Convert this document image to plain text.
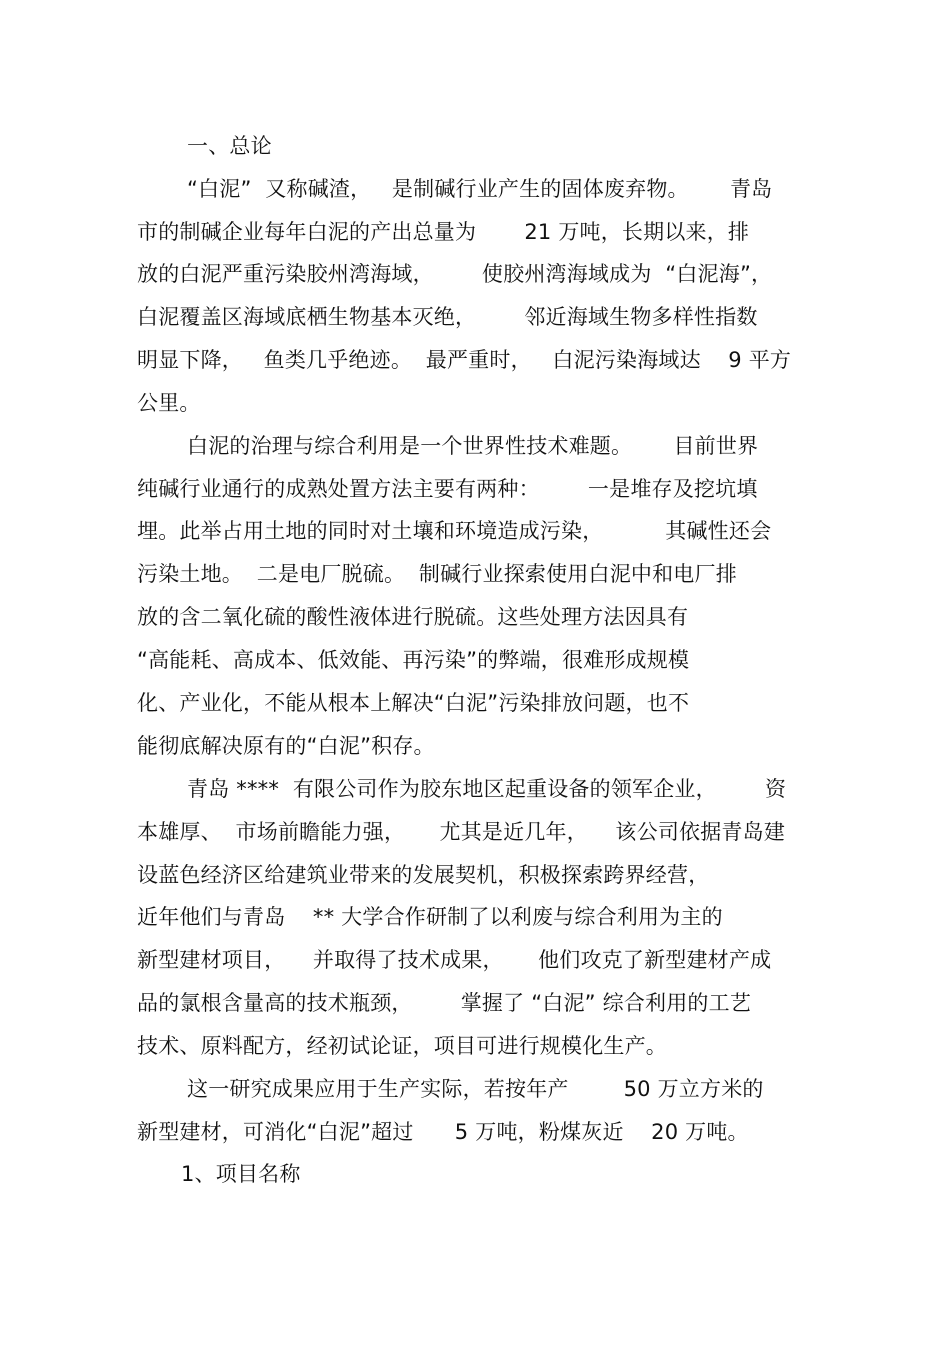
一、总论
“白泥”  又称碱渣，   是制碱行业产生的固体废弃物。      青岛
市的制碱企业每年白泥的产出总量为       21 万吨，长期以来，排
放的白泥严重污染胶州湾海域，       使胶州湾海域成为  “白泥海”，
白泥覆盖区海域底栖生物基本灭绝，       邻近海域生物多样性指数
明显下降，   鱼类几乎绝迹。  最严重时，   白泥污染海域达    9 平方
公里。
白泥的治理与综合利用是一个世界性技术难题。      目前世界
纯碱行业通行的成熟处置方法主要有两种：       一是堆存及挖坑填
埋。此举占用土地的同时对土壤和环境造成污染，         其碱性还会
污染土地。  二是电厂脱硫。  制碱行业探索使用白泥中和电厂排
放的含二氧化硫的酸性液体进行脱硫。这些处理方法因具有
“高能耗、高成本、低效能、再污染”的弊端，很难形成规模
化、产业化，不能从根本上解决“白泥”污染排放问题，也不
能彻底解决原有的“白泥”积存。
青岛 ****  有限公司作为胶东地区起重设备的领军企业，       资
本雄厚、  市场前瞻能力强，     尤其是近几年，    该公司依据青岛建
设蓝色经济区给建筑业带来的发展契机，积极探索跨界经营，
近年他们与青岛    ** 大学合作研制了以利废与综合利用为主的
新型建材项目，    并取得了技术成果，     他们攻克了新型建材产成
品的氯根含量高的技术瓶颈，       掌握了 “白泥” 综合利用的工艺
技术、原料配方，经初试论证，项目可进行规模化生产。
这一研究成果应用于生产实际，若按年产        50 万立方米的
新型建材，可消化“白泥”超过      5 万吨，粉煤灰近    20 万吨。
1、项目名称
